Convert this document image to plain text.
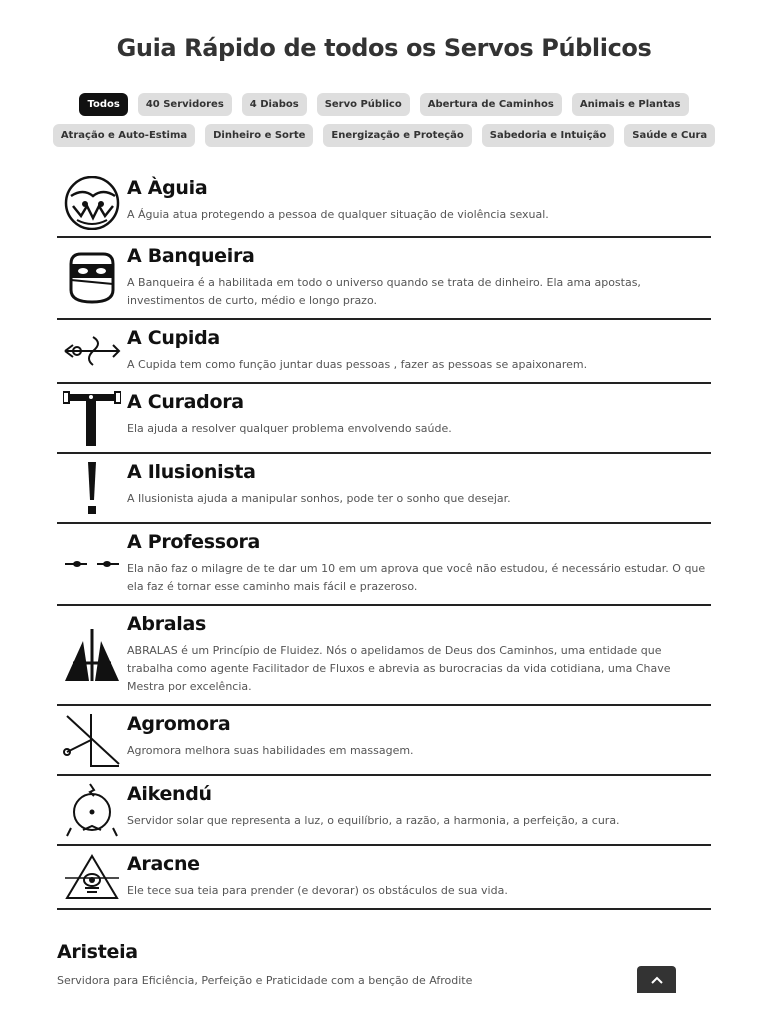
Guia Rápido de todos os Servos Públicos
Todos	40 Servidores	4 Diabos	Servo Público	Abertura de Caminhos	Animais e Plantas
Atração e Auto-Estima	Dinheiro e Sorte	Energização e Proteção	Sabedoria e Intuição	Saúde e Cura
A Àguia

A Águia atua protegendo a pessoa de qualquer situação de violência sexual.

A Banqueira

A Banqueira é a habilitada em todo o universo quando se trata de dinheiro. Ela ama apostas, investimentos de curto, médio e longo prazo.

A Cupida

A Cupida tem como função juntar duas pessoas , fazer as pessoas se apaixonarem.

A Curadora

Ela ajuda a resolver qualquer problema envolvendo saúde.

A Ilusionista

A Ilusionista ajuda a manipular sonhos, pode ter o sonho que desejar.

A Professora

Ela não faz o milagre de te dar um 10 em um aprova que você não estudou, é necessário estudar. O que ela faz é tornar esse caminho mais fácil e prazeroso.

Abralas

ABRALAS é um Princípio de Fluidez. Nós o apelidamos de Deus dos Caminhos, uma entidade que trabalha como agente Facilitador de Fluxos e abrevia as burocracias da vida cotidiana, uma Chave Mestra por excelência.

Agromora

Agromora melhora suas habilidades em massagem.

Aikendú

Servidor solar que representa a luz, o equilíbrio, a razão, a harmonia, a perfeição, a cura.

Aracne

Ele tece sua teia para prender (e devorar) os obstáculos de sua vida.

Aristeia

Servidora para Eficiência, Perfeição e Praticidade com a benção de Afrodite
